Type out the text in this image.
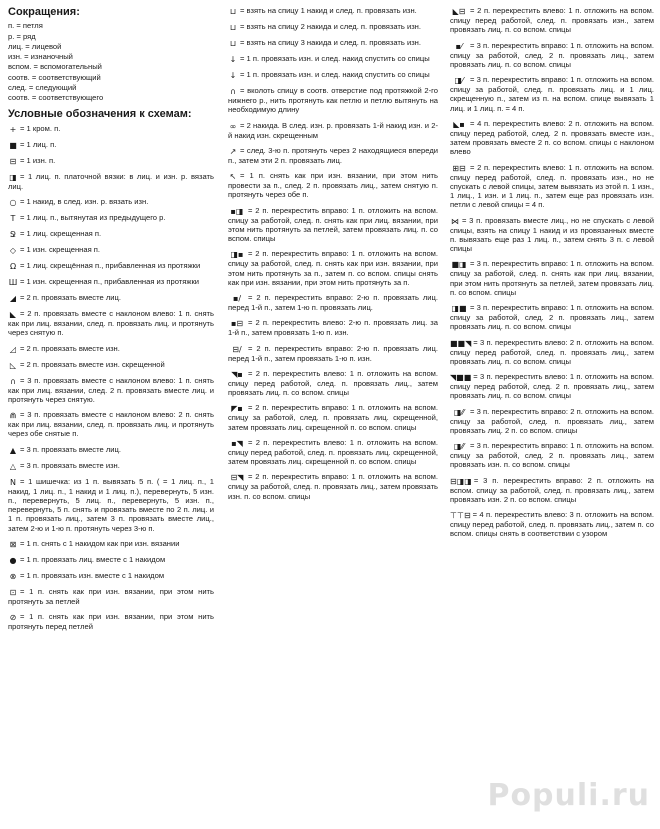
Сокращения:
п. = петля
р. = ряд
лиц. = лицевой
изн. = изнаночный
вспом. = вспомогательный
соотв. = соответствующий
след. = следующий
соотв. = соответствующего
Условные обозначения к схемам:
+ = 1 кром. п.
■ = 1 лиц. п.
⊟ = 1 изн. п.
◨ = 1 лиц. п. платочной вязки: в лиц. и изн. р. вязать лиц.
○ = 1 накид, в след. изн. р. вязать изн.
T = 1 лиц. п., вытянутая из предыдущего р.
Ջ = 1 лиц. скрещенная п.
◇ = 1 изн. скрещенная п.
Ω = 1 лиц. скрещённая п., прибавленная из протяжки
Ш = 1 изн. скрещенная п., прибавленная из протяжки
◢ = 2 п. провязать вместе лиц.
◣ = 2 п. провязать вместе с наклоном влево: 1 п. снять как при лиц. вязании, след. п. провязать лиц. и протянуть через снятую п.
◿ = 2 п. провязать вместе изн.
◺ = 2 п. провязать вместе изн. скрещенной
∩ = 3 п. провязать вместе с наклоном влево: 1 п. снять как при лиц. вязании, след. 2 п. провязать вместе лиц. и протянуть через снятую.
⋒ = 3 п. провязать вместе с наклоном влево: 2 п. снять как при лиц. вязании, след. п. провязать лиц. и протянуть через обе снятые п.
▲ = 3 п. провязать вместе лиц.
△ = 3 п. провязать вместе изн.
Ν = 1 шишечка: из 1 п. вывязать 5 п. ( = 1 лиц. п., 1 накид, 1 лиц. п., 1 накид и 1 лиц. п.), перевернуть, 5 изн. п., перевернуть, 5 лиц. п., перевернуть, 5 изн. п., перевернуть, 5 п. снять и провязать вместе по 2 п. лиц. и 1 п. провязать лиц., затем 3 п. провязать вместе лиц., затем 2-ю и 1-ю п. протянуть через 3-ю п.
⊠ = 1 п. снять с 1 накидом как при изн. вязании
● = 1 п. провязать лиц. вместе с 1 накидом
⊗ = 1 п. провязать изн. вместе с 1 накидом
⊡ = 1 п. снять как при изн. вязании, при этом нить протянуть за петлей
⊘ = 1 п. снять как при изн. вязании, при этом нить протянуть перед петлей
⊔ = взять на спицу 1 накид и след. п. провязать изн.
⊔ = взять на спицу 2 накида и след. п. провязать изн.
⊔ = взять на спицу 3 накида и след. п. провязать изн.
↓ = 1 п. провязать изн. и след. накид спустить со спицы
↓ = 1 п. провязать изн. и след. накид спустить со спицы
∩ = вколоть спицу в соотв. отверстие под протяжкой 2-го нижнего р., нить протянуть как петлю и петлю вытянуть на необходимую длину
∞ = 2 накида. В след. изн. р. провязать 1-й накид изн. и 2-й накид изн. скрещенным
↗ = след. 3-ю п. протянуть через 2 находящиеся впереди п., затем эти 2 п. провязать лиц.
↖ = 1 п. снять как при изн. вязании, при этом нить провести за п., след. 2 п. провязать лиц., затем снятую п. протянуть через обе п.
▪◨ = 2 п. перекрестить вправо: 1 п. отложить на вспом. спицу за работой, след. п. снять как при лиц. вязании, при этом нить протянуть за петлей, затем провязать лиц. п. со вспом. спицы
◨▪ = 2 п. перекрестить вправо: 1 п. отложить на вспом. спицу за работой, след. п. снять как при изн. вязании, при этом нить протянуть за п., затем п. со вспом. спицы снять как при изн. вязании, при этом нить протянуть за п.
▪/ = 2 п. перекрестить вправо: 2-ю п. провязать лиц. перед 1-й п., затем 1-ю п. провязать лиц.
▪⊟ = 2 п. перекрестить влево: 2-ю п. провязать лиц. за 1-й п., затем провязать 1-ю п. изн.
⊟/ = 2 п. перекрестить вправо: 2-ю п. провязать лиц. перед 1-й п., затем провязать 1-ю п. изн.
◥▪ = 2 п. перекрестить влево: 1 п. отложить на вспом. спицу перед работой, след. п. провязать лиц., затем провязать лиц. п. со вспом. спицы
◤▪ = 2 п. перекрестить вправо: 1 п. отложить на вспом. спицу за работой, след. п. провязать лиц. скрещенной, затем провязать лиц. скрещенной п. со вспом. спицы
▪◥ = 2 п. перекрестить влево: 1 п. отложить на вспом. спицу перед работой, след. п. провязать лиц. скрещенной, затем провязать лиц. скрещенной п. со вспом. спицы
⊟◥ = 2 п. перекрестить вправо: 1 п. отложить на вспом. спицу за работой, след. п. провязать лиц., затем провязать изн. п. со вспом. спицы
◣⊟ = 2 п. перекрестить влево: 1 п. отложить на вспом. спицу перед работой, след. п. провязать изн., затем провязать лиц. п. со вспом. спицы
▪⁄ = 3 п. перекрестить вправо: 1 п. отложить на вспом. спицу за работой, след. 2 п. провязать лиц., затем провязать лиц. п. со вспом. спицы
◨⁄ = 3 п. перекрестить вправо: 1 п. отложить на вспом. спицу за работой, след. п. провязать лиц. и 1 лиц. скрещенную п., затем из п. на вспом. спице вывязать 1 лиц. и 1 лиц. п. = 4 п.
◣▪ = 4 п. перекрестить влево: 2 п. отложить на вспом. спицу перед работой, след. 2 п. провязать вместе изн., затем провязать вместе 2 п. со вспом. спицы с наклоном влево
⊞⊟ = 2 п. перекрестить влево: 1 п. отложить на вспом. спицу перед работой, след. п. провязать изн., но не спускать с левой спицы, затем вывязать из этой п. 1 изн., 1 лиц., 1 изн. и 1 лиц. п., затем еще раз провязать изн. петли с левой спицы = 4 п.
⋈ = 3 п. провязать вместе лиц., но не спускать с левой спицы, взять на спицу 1 накид и из провязанных вместе п. вывязать еще раз 1 лиц. п., затем снять 3 п. с левой спицы
■◨ = 3 п. перекрестить вправо: 1 п. отложить на вспом. спицу за работой, след. п. снять как при лиц. вязании, при этом нить протянуть за петлей, затем провязать лиц. п. со вспом. спицы
◨■ = 3 п. перекрестить вправо: 1 п. отложить на вспом. спицу за работой, след. 2 п. провязать лиц., затем провязать лиц. п. со вспом. спицы
■■◥ = 3 п. перекрестить влево: 2 п. отложить на вспом. спицу перед работой, след. п. провязать лиц., затем провязать лиц. п. со вспом. спицы
◥■■ = 3 п. перекрестить влево: 1 п. отложить на вспом. спицу перед работой, след. 2 п. провязать лиц., затем провязать лиц. п. со вспом. спицы
◨⁄⁄ = 3 п. перекрестить вправо: 2 п. отложить на вспом. спицу за работой, след. п. провязать лиц., затем провязать лиц. 2 п. со вспом. спицы
◨⁄⁄ = 3 п. перекрестить вправо: 1 п. отложить на вспом. спицу за работой, след. 2 п. провязать лиц., затем провязать изн. п. со вспом. спицы
⊟◨◨ = 3 п. перекрестить вправо: 2 п. отложить на вспом. спицу за работой, след. п. провязать лиц., затем провязать изн. 2 п. со вспом. спицы
⊤⊤⊟ = 4 п. перекрестить влево: 3 п. отложить на вспом. спицу перед работой, след. п. провязать лиц., затем п. со вспом. спицы снять в соответствии с узором
Populi.ru
